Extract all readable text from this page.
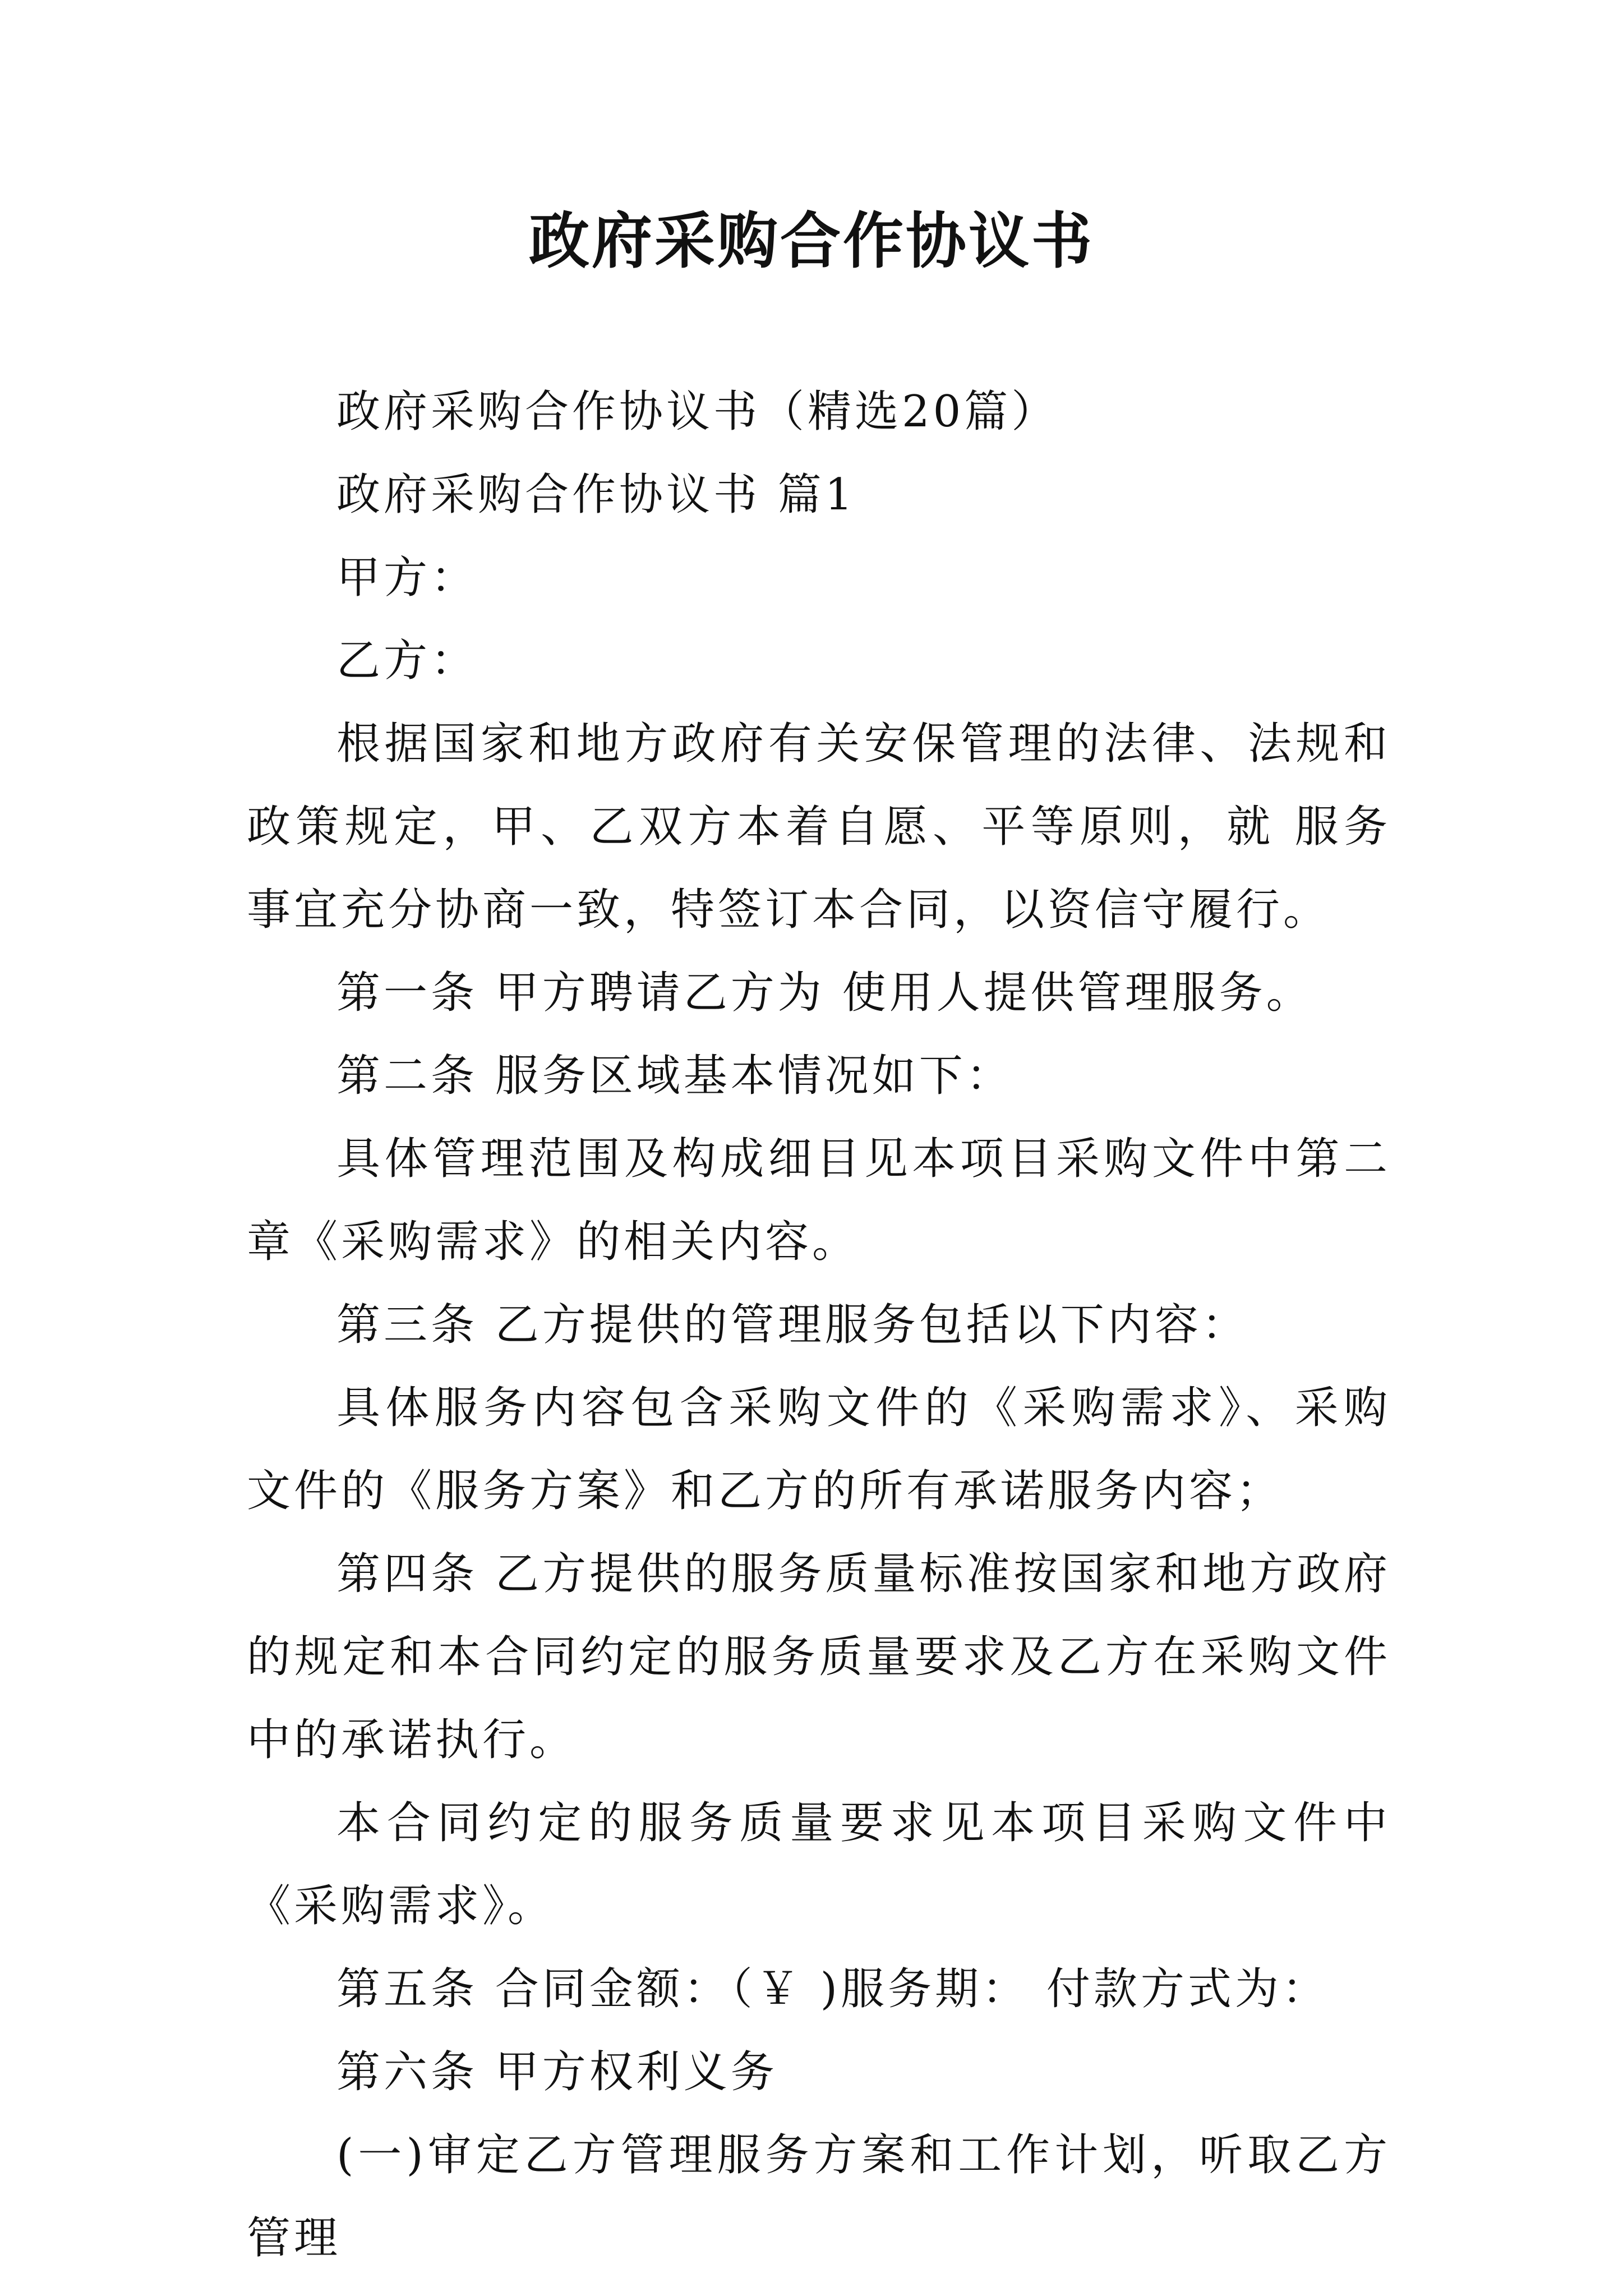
政府采购合作协议书

政府采购合作协议书（精选20篇）

政府采购合作协议书 篇1

甲方：

乙方：

根据国家和地方政府有关安保管理的法律、法规和政策规定，甲、乙双方本着自愿、平等原则，就 服务事宜充分协商一致，特签订本合同，以资信守履行。

第一条 甲方聘请乙方为 使用人提供管理服务。

第二条 服务区域基本情况如下：

具体管理范围及构成细目见本项目采购文件中第二章《采购需求》的相关内容。

第三条 乙方提供的管理服务包括以下内容：

具体服务内容包含采购文件的《采购需求》、采购文件的《服务方案》和乙方的所有承诺服务内容；

第四条 乙方提供的服务质量标准按国家和地方政府的规定和本合同约定的服务质量要求及乙方在采购文件中的承诺执行。

本合同约定的服务质量要求见本项目采购文件中《采购需求》。

第五条 合同金额：（￥ )服务期： 付款方式为：

第六条 甲方权利义务

(一)审定乙方管理服务方案和工作计划，听取乙方管理
